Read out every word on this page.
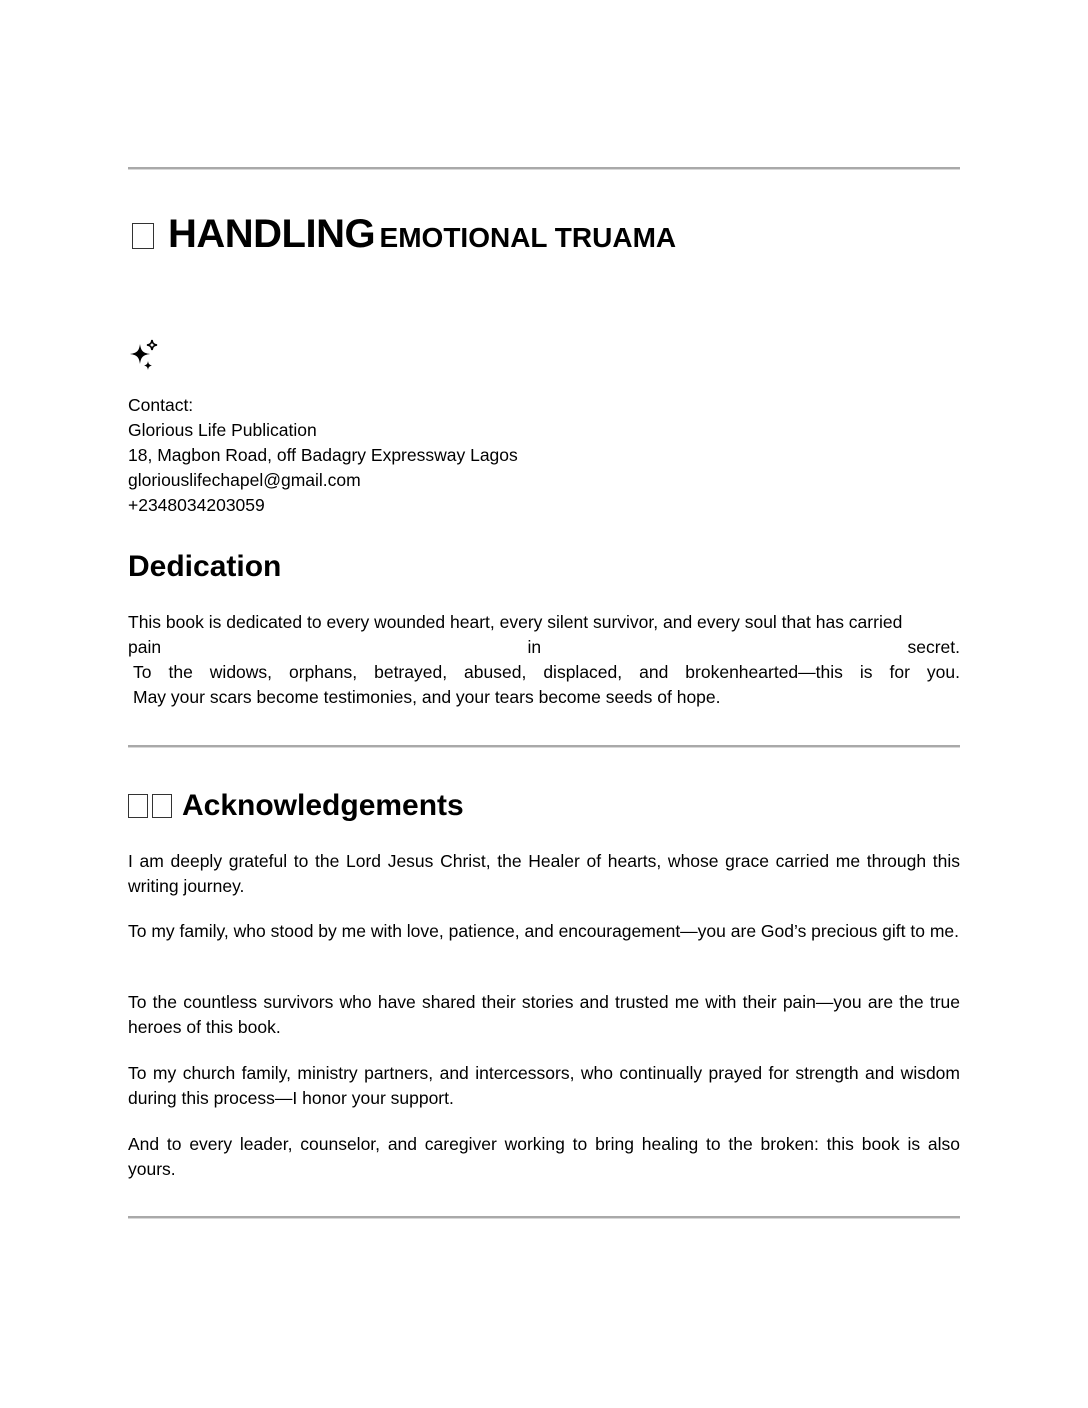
HANDLING EMOTIONAL TRUAMA
Contact:
Glorious Life Publication
18, Magbon Road, off Badagry Expressway Lagos
gloriouslifechapel@gmail.com
+2348034203059
Dedication
This book is dedicated to every wounded heart, every silent survivor, and every soul that has carried
pain	in	secret.
To the widows, orphans, betrayed, abused, displaced, and brokenhearted—this is for you.
May your scars become testimonies, and your tears become seeds of hope.
Acknowledgements
I am deeply grateful to the Lord Jesus Christ, the Healer of hearts, whose grace carried me through this writing journey.
To my family, who stood by me with love, patience, and encouragement—you are God’s precious gift to me.
To the countless survivors who have shared their stories and trusted me with their pain—you are the true heroes of this book.
To my church family, ministry partners, and intercessors, who continually prayed for strength and wisdom during this process—I honor your support.
And to every leader, counselor, and caregiver working to bring healing to the broken: this book is also yours.
